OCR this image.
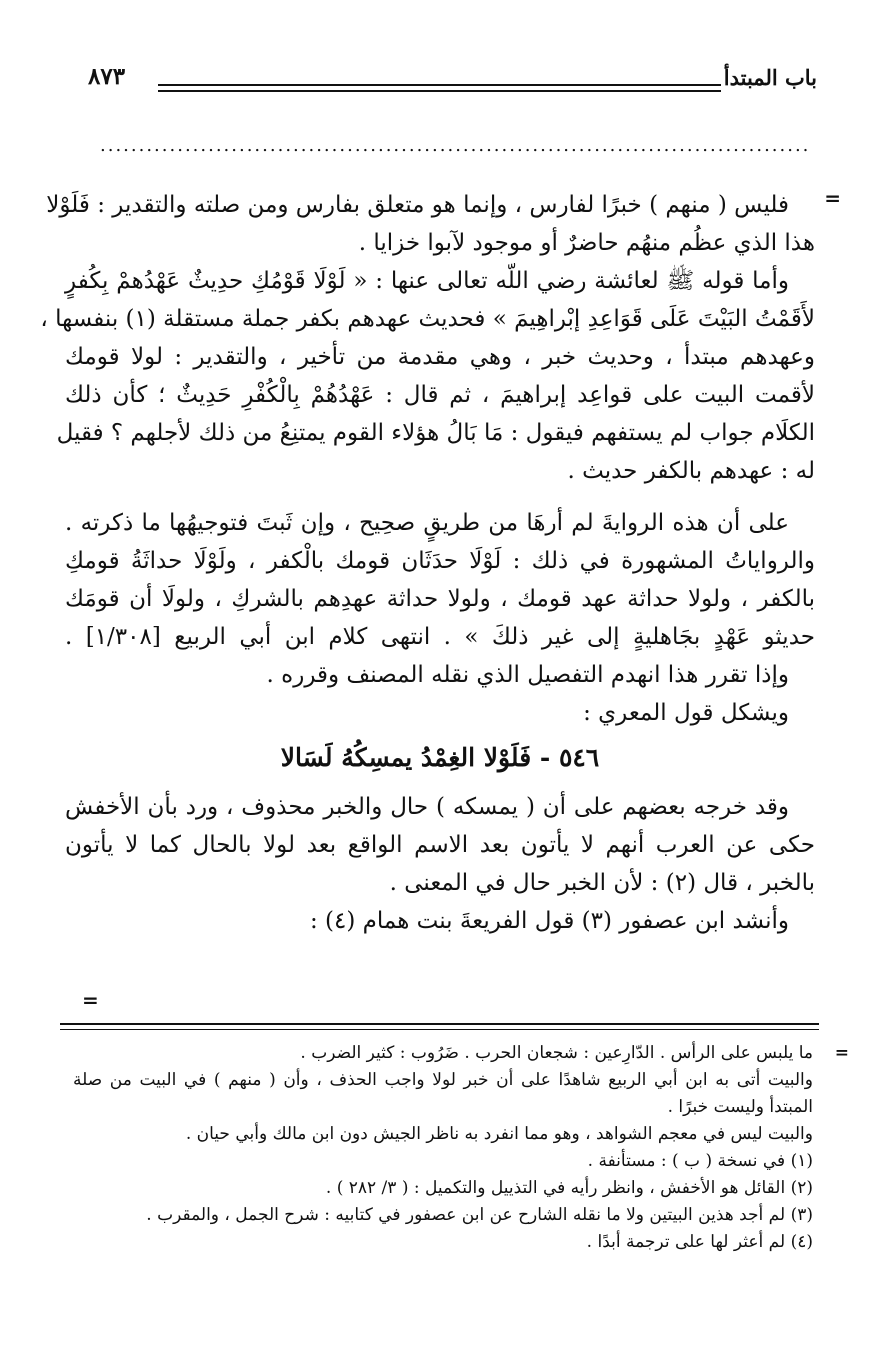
باب المبتدأ
٨٧٣
............................................................................................
=
فليس ( منهم ) خبرًا لفارس ، وإنما هو متعلق بفارس ومن صلته والتقدير : فَلَوْلا
هذا الذي عظُم منهُم حاضرٌ أو موجود لآبوا خزايا .
وأما قوله ﷺ لعائشة رضي اللّه تعالى عنها : « لَوْلَا قَوْمُكِ حدِيثٌ عَهْدُهمْ بِكُفرٍ
لأَقَمْتُ البَيْتَ عَلَى قَوَاعِدِ إبْراهِيمَ » فحديث عهدهم بكفر جملة مستقلة (١) بنفسها ،
وعهدهم مبتدأ ، وحديث خبر ، وهي مقدمة من تأخير ، والتقدير : لولا قومك
لأقمت البيت على قواعِد إبراهيمَ ، ثم قال : عَهْدُهُمْ بِالْكُفْرِ حَدِيثٌ ؛ كأن ذلك
الكلَام جواب لم يستفهم فيقول : مَا بَالُ هؤلاء القوم يمتنِعُ من ذلك لأجلهم ؟ فقيل
له : عهدهم بالكفر حديث .
على أن هذه الروايةَ لم أرهَا من طريقٍ صحِيح ، وإن ثَبتَ فتوجيهُها ما ذكرته .
والرواياتُ المشهورة في ذلك : لَوْلَا حدَثَان قومك بالْكفر ، ولَوْلَا حداثَةُ قومكِ
بالكفر ، ولولا حداثة عهد قومك ، ولولا حداثة عهدِهم بالشركِ ، ولولَا أن قومَك
حديثو عَهْدٍ بجَاهليةٍ إلى غير ذلكَ » . انتهى كلام ابن أبي الربيع [١/٣٠٨] .
وإذا تقرر هذا انهدم التفصيل الذي نقله المصنف وقرره .
ويشكل قول المعري :
٥٤٦ - فَلَوْلا الغِمْدُ يمسِكُهُ لَسَالا
وقد خرجه بعضهم على أن ( يمسكه ) حال والخبر محذوف ، ورد بأن الأخفش
حكى عن العرب أنهم لا يأتون بعد الاسم الواقع بعد لولا بالحال كما لا يأتون
بالخبر ، قال (٢) : لأن الخبر حال في المعنى .
وأنشد ابن عصفور (٣) قول الفريعةَ بنت همام (٤) :
=
=
ما يلبس على الرأس . الدّارِعين : شجعان الحرب . ضَرُوب : كثير الضرب .
والبيت أتى به ابن أبي الربيع شاهدًا على أن خبر لولا واجب الحذف ، وأن ( منهم ) في البيت من صلة
المبتدأ وليست خبرًا .
والبيت ليس في معجم الشواهد ، وهو مما انفرد به ناظر الجيش دون ابن مالك وأبي حيان .
(١) في نسخة ( ب ) : مستأنفة .
(٢) القائل هو الأخفش ، وانظر رأيه في التذييل والتكميل : ( ٣/ ٢٨٢ ) .
(٣) لم أجد هذين البيتين ولا ما نقله الشارح عن ابن عصفور في كتابيه : شرح الجمل ، والمقرب .
(٤) لم أعثر لها على ترجمة أبدًا .
